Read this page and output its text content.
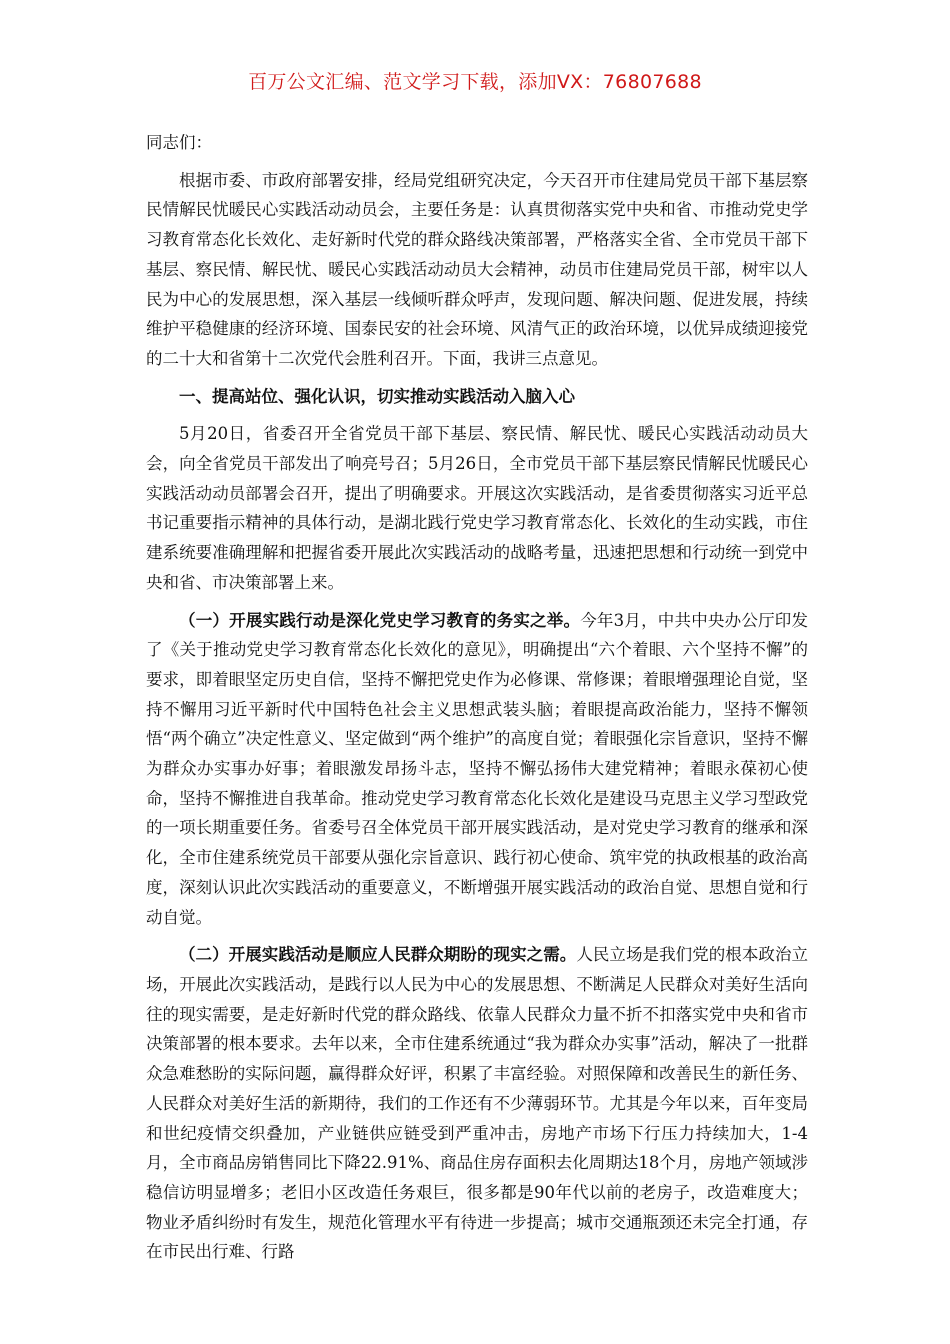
百万公文汇编、范文学习下载，添加VX：76807688

同志们：

根据市委、市政府部署安排，经局党组研究决定，今天召开市住建局党员干部下基层察民情解民忧暖民心实践活动动员会，主要任务是：认真贯彻落实党中央和省、市推动党史学习教育常态化长效化、走好新时代党的群众路线决策部署，严格落实全省、全市党员干部下基层、察民情、解民忧、暖民心实践活动动员大会精神，动员市住建局党员干部，树牢以人民为中心的发展思想，深入基层一线倾听群众呼声，发现问题、解决问题、促进发展，持续维护平稳健康的经济环境、国泰民安的社会环境、风清气正的政治环境，以优异成绩迎接党的二十大和省第十二次党代会胜利召开。下面，我讲三点意见。

一、提高站位、强化认识，切实推动实践活动入脑入心

5月20日，省委召开全省党员干部下基层、察民情、解民忧、暖民心实践活动动员大会，向全省党员干部发出了响亮号召；5月26日，全市党员干部下基层察民情解民忧暖民心实践活动动员部署会召开，提出了明确要求。开展这次实践活动，是省委贯彻落实习近平总书记重要指示精神的具体行动，是湖北践行党史学习教育常态化、长效化的生动实践，市住建系统要准确理解和把握省委开展此次实践活动的战略考量，迅速把思想和行动统一到党中央和省、市决策部署上来。

（一）开展实践行动是深化党史学习教育的务实之举。今年3月，中共中央办公厅印发了《关于推动党史学习教育常态化长效化的意见》，明确提出“六个着眼、六个坚持不懈”的要求，即着眼坚定历史自信，坚持不懈把党史作为必修课、常修课；着眼增强理论自觉，坚持不懈用习近平新时代中国特色社会主义思想武装头脑；着眼提高政治能力，坚持不懈领悟“两个确立”决定性意义、坚定做到“两个维护”的高度自觉；着眼强化宗旨意识，坚持不懈为群众办实事办好事；着眼激发昂扬斗志，坚持不懈弘扬伟大建党精神；着眼永葆初心使命，坚持不懈推进自我革命。推动党史学习教育常态化长效化是建设马克思主义学习型政党的一项长期重要任务。省委号召全体党员干部开展实践活动，是对党史学习教育的继承和深化，全市住建系统党员干部要从强化宗旨意识、践行初心使命、筑牢党的执政根基的政治高度，深刻认识此次实践活动的重要意义，不断增强开展实践活动的政治自觉、思想自觉和行动自觉。

（二）开展实践活动是顺应人民群众期盼的现实之需。人民立场是我们党的根本政治立场，开展此次实践活动，是践行以人民为中心的发展思想、不断满足人民群众对美好生活向往的现实需要，是走好新时代党的群众路线、依靠人民群众力量不折不扣落实党中央和省市决策部署的根本要求。去年以来，全市住建系统通过“我为群众办实事”活动，解决了一批群众急难愁盼的实际问题，赢得群众好评，积累了丰富经验。对照保障和改善民生的新任务、人民群众对美好生活的新期待，我们的工作还有不少薄弱环节。尤其是今年以来，百年变局和世纪疫情交织叠加，产业链供应链受到严重冲击，房地产市场下行压力持续加大，1-4月，全市商品房销售同比下降22.91%、商品住房存面积去化周期达18个月，房地产领域涉稳信访明显增多；老旧小区改造任务艰巨，很多都是90年代以前的老房子，改造难度大；物业矛盾纠纷时有发生，规范化管理水平有待进一步提高；城市交通瓶颈还未完全打通，存在市民出行难、行路
